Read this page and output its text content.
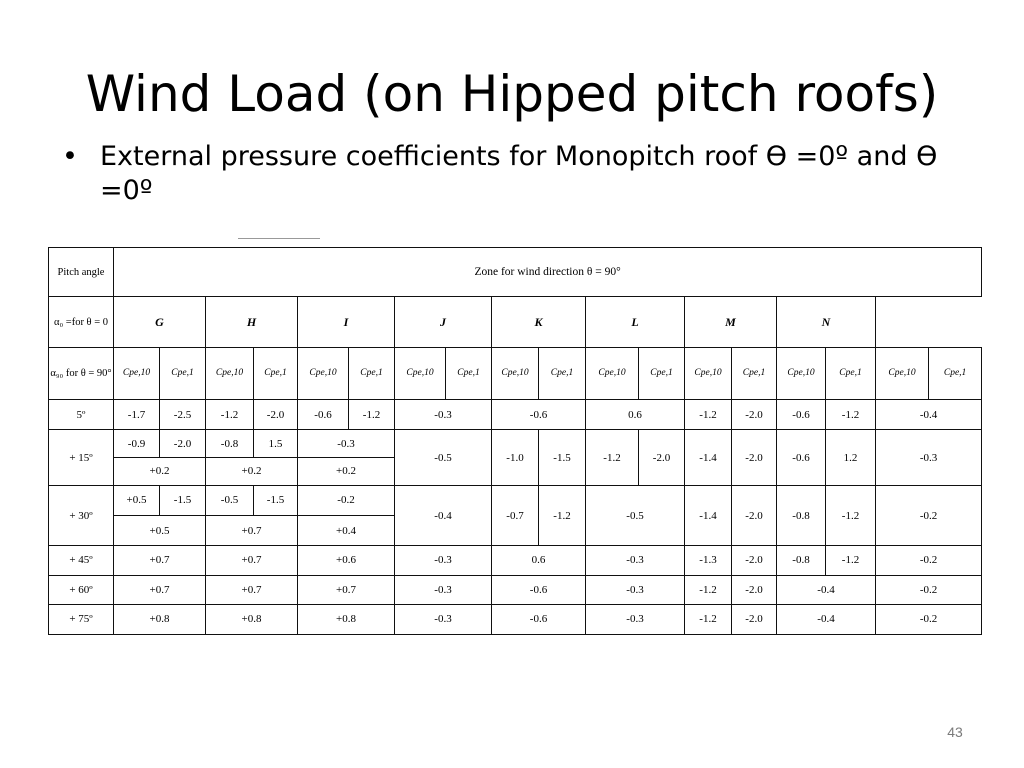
Wind Load (on Hipped pitch roofs)
• External pressure coefficients for Monopitch roof Ѳ =0º and Ѳ =0º
Pitch angle	Zone for wind direction θ = 90°																	
α₀ =for θ = 0	G		H		I		J		K		L		M		N			
α₉₀ for θ = 90°	Cpe,10	Cpe,1	Cpe,10	Cpe,1	Cpe,10	Cpe,1	Cpe,10	Cpe,1	Cpe,10	Cpe,1	Cpe,10	Cpe,1	Cpe,10	Cpe,1	Cpe,10	Cpe,1	Cpe,10	Cpe,1
5º	-1.7	-2.5	-1.2	-2.0	-0.6	-1.2	-0.3		-0.6		0.6		-1.2	-2.0	-0.6	-1.2	-0.4	
+ 15º	-0.9	-2.0	-0.8	1.5	-0.3		-0.5		-1.0	-1.5	-1.2	-2.0	-1.4	-2.0	-0.6	1.2	-0.3	
	+0.2		+0.2		+0.2													
+ 30º	+0.5	-1.5	-0.5	-1.5	-0.2		-0.4		-0.7	-1.2	-0.5		-1.4	-2.0	-0.8	-1.2	-0.2	
	+0.5		+0.7		+0.4													
+ 45º	+0.7		+0.7		+0.6		-0.3		0.6		-0.3		-1.3	-2.0	-0.8	-1.2	-0.2	
+ 60º	+0.7		+0.7		+0.7		-0.3		-0.6		-0.3		-1.2	-2.0	-0.4		-0.2	
+ 75º	+0.8		+0.8		+0.8		-0.3		-0.6		-0.3		-1.2	-2.0	-0.4		-0.2	
43
